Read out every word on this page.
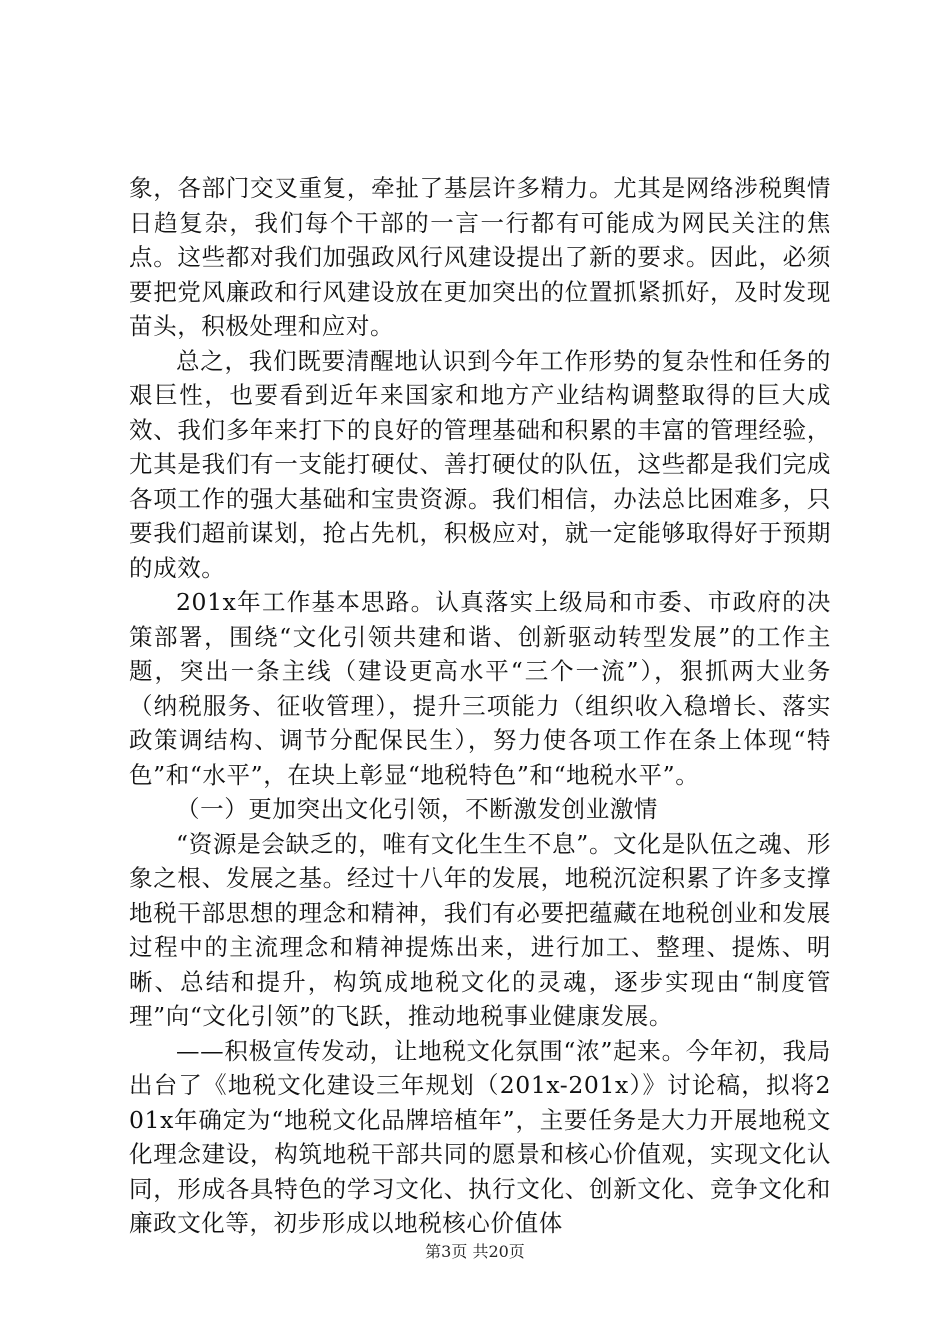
象，各部门交叉重复，牵扯了基层许多精力。尤其是网络涉税舆情日趋复杂，我们每个干部的一言一行都有可能成为网民关注的焦点。这些都对我们加强政风行风建设提出了新的要求。因此，必须要把党风廉政和行风建设放在更加突出的位置抓紧抓好，及时发现苗头，积极处理和应对。

总之，我们既要清醒地认识到今年工作形势的复杂性和任务的艰巨性，也要看到近年来国家和地方产业结构调整取得的巨大成效、我们多年来打下的良好的管理基础和积累的丰富的管理经验，尤其是我们有一支能打硬仗、善打硬仗的队伍，这些都是我们完成各项工作的强大基础和宝贵资源。我们相信，办法总比困难多，只要我们超前谋划，抢占先机，积极应对，就一定能够取得好于预期的成效。

201x年工作基本思路。认真落实上级局和市委、市政府的决策部署，围绕“文化引领共建和谐、创新驱动转型发展”的工作主题，突出一条主线（建设更高水平“三个一流”），狠抓两大业务（纳税服务、征收管理），提升三项能力（组织收入稳增长、落实政策调结构、调节分配保民生），努力使各项工作在条上体现“特色”和“水平”，在块上彰显“地税特色”和“地税水平”。

（一）更加突出文化引领，不断激发创业激情

“资源是会缺乏的，唯有文化生生不息”。文化是队伍之魂、形象之根、发展之基。经过十八年的发展，地税沉淀积累了许多支撑地税干部思想的理念和精神，我们有必要把蕴藏在地税创业和发展过程中的主流理念和精神提炼出来，进行加工、整理、提炼、明晰、总结和提升，构筑成地税文化的灵魂，逐步实现由“制度管理”向“文化引领”的飞跃，推动地税事业健康发展。

——积极宣传发动，让地税文化氛围“浓”起来。今年初，我局出台了《地税文化建设三年规划（201x-201x）》讨论稿，拟将201x年确定为“地税文化品牌培植年”，主要任务是大力开展地税文化理念建设，构筑地税干部共同的愿景和核心价值观，实现文化认同，形成各具特色的学习文化、执行文化、创新文化、竞争文化和廉政文化等，初步形成以地税核心价值体

第3页 共20页
